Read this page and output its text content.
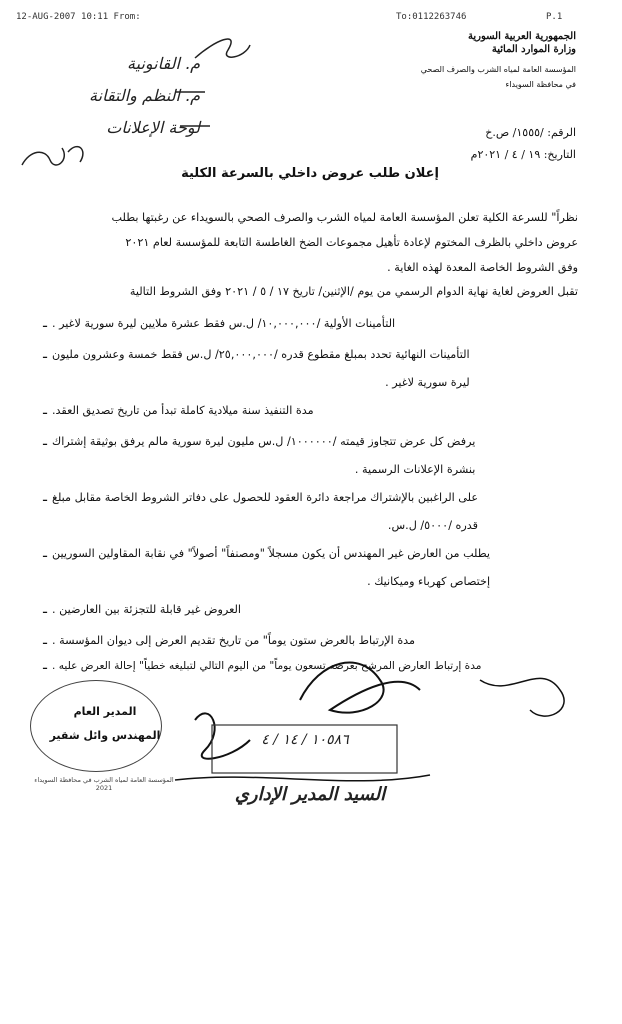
12-AUG-2007 10:11 From:	To:0112263746	P.1
الجمهورية العربية السورية
وزارة الموارد المائية
المؤسسة العامة لمياه الشرب والصرف الصحي
في محافظة السويداء
م. القانونية
م. النظم والتقانة
لوحة الإعلانات	الرقم: /١٥٥٥/ ص.خ
التاريخ: ١٩ / ٤ / ٢٠٢١م
إعلان طلب عروض داخلي بالسرعة الكلية
نظراً" للسرعة الكلية تعلن المؤسسة العامة لمياه الشرب والصرف الصحي بالسويداء عن رغبتها بطلب
عروض داخلي بالظرف المختوم لإعادة تأهيل مجموعات الضخ الغاطسة التابعة للمؤسسة لعام ٢٠٢١
وفق الشروط الخاصة المعدة لهذه الغاية .
تقبل العروض لغاية نهاية الدوام الرسمي من يوم /الإثنين/ تاريخ ١٧ / ٥ / ٢٠٢١ وفق الشروط التالية
- التأمينات الأولية /١٠,٠٠٠,٠٠٠/ ل.س فقط عشرة ملايين ليرة سورية لاغير .
- التأمينات النهائية تحدد بمبلغ مقطوع قدره /٢٥,٠٠٠,٠٠٠/ ل.س فقط خمسة وعشرون مليون
ليرة سورية لاغير .
- مدة التنفيذ سنة ميلادية كاملة تبدأ من تاريخ تصديق العقد.
- يرفض كل عرض تتجاوز قيمته /١٠٠٠٠٠٠/ ل.س مليون ليرة سورية مالم يرفق بوثيقة إشتراك
بنشرة الإعلانات الرسمية .
- على الراغبين بالإشتراك مراجعة دائرة العقود للحصول على دفاتر الشروط الخاصة مقابل مبلغ
قدره /٥٠٠٠/ ل.س.
- يطلب من العارض غير المهندس أن يكون مسجلاً "ومصنفاً" أصولاً" في نقابة المقاولين السوريين
إختصاص كهرباء وميكانيك .
- العروض غير قابلة للتجزئة بين العارضين .
- مدة الإرتباط بالعرض ستون يوماً" من تاريخ تقديم العرض إلى ديوان المؤسسة .
- مدة إرتباط العارض المرشح بعرضه تسعون يوماً" من اليوم التالي لتبليغه خطياً" إحالة العرض عليه .
المدير العام
المهندس وائل شقير	١٠٥٨٦ / ١٤ / ٤
السيد المدير الإداري
المؤسسة العامة لمياه الشرب في محافظة السويداء 2021
